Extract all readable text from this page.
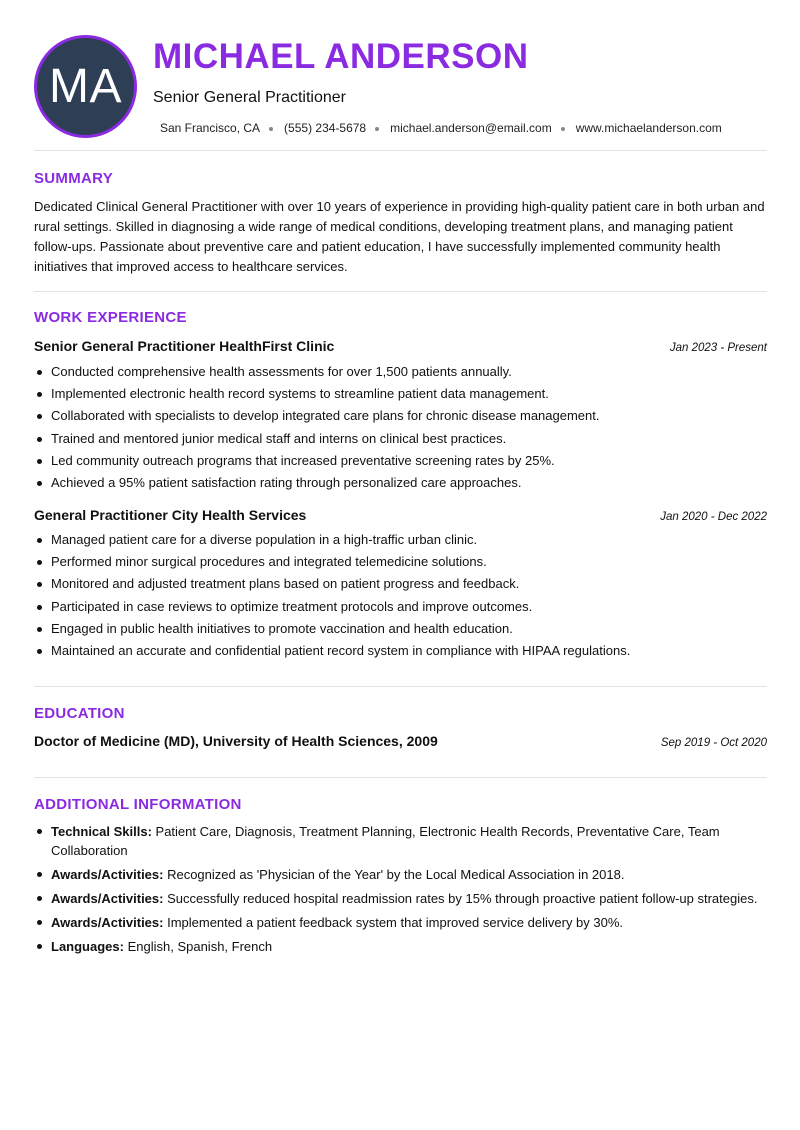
MA
MICHAEL ANDERSON
Senior General Practitioner
San Francisco, CA (555) 234-5678 michael.anderson@email.com www.michaelanderson.com
SUMMARY
Dedicated Clinical General Practitioner with over 10 years of experience in providing high-quality patient care in both urban and rural settings. Skilled in diagnosing a wide range of medical conditions, developing treatment plans, and managing patient follow-ups. Passionate about preventive care and patient education, I have successfully implemented community health initiatives that improved access to healthcare services.
WORK EXPERIENCE
Senior General Practitioner HealthFirst Clinic	Jan 2023 - Present
Conducted comprehensive health assessments for over 1,500 patients annually.
Implemented electronic health record systems to streamline patient data management.
Collaborated with specialists to develop integrated care plans for chronic disease management.
Trained and mentored junior medical staff and interns on clinical best practices.
Led community outreach programs that increased preventative screening rates by 25%.
Achieved a 95% patient satisfaction rating through personalized care approaches.
General Practitioner City Health Services	Jan 2020 - Dec 2022
Managed patient care for a diverse population in a high-traffic urban clinic.
Performed minor surgical procedures and integrated telemedicine solutions.
Monitored and adjusted treatment plans based on patient progress and feedback.
Participated in case reviews to optimize treatment protocols and improve outcomes.
Engaged in public health initiatives to promote vaccination and health education.
Maintained an accurate and confidential patient record system in compliance with HIPAA regulations.
EDUCATION
Doctor of Medicine (MD), University of Health Sciences, 2009	Sep 2019 - Oct 2020
ADDITIONAL INFORMATION
Technical Skills: Patient Care, Diagnosis, Treatment Planning, Electronic Health Records, Preventative Care, Team Collaboration
Awards/Activities: Recognized as 'Physician of the Year' by the Local Medical Association in 2018.
Awards/Activities: Successfully reduced hospital readmission rates by 15% through proactive patient follow-up strategies.
Awards/Activities: Implemented a patient feedback system that improved service delivery by 30%.
Languages: English, Spanish, French
